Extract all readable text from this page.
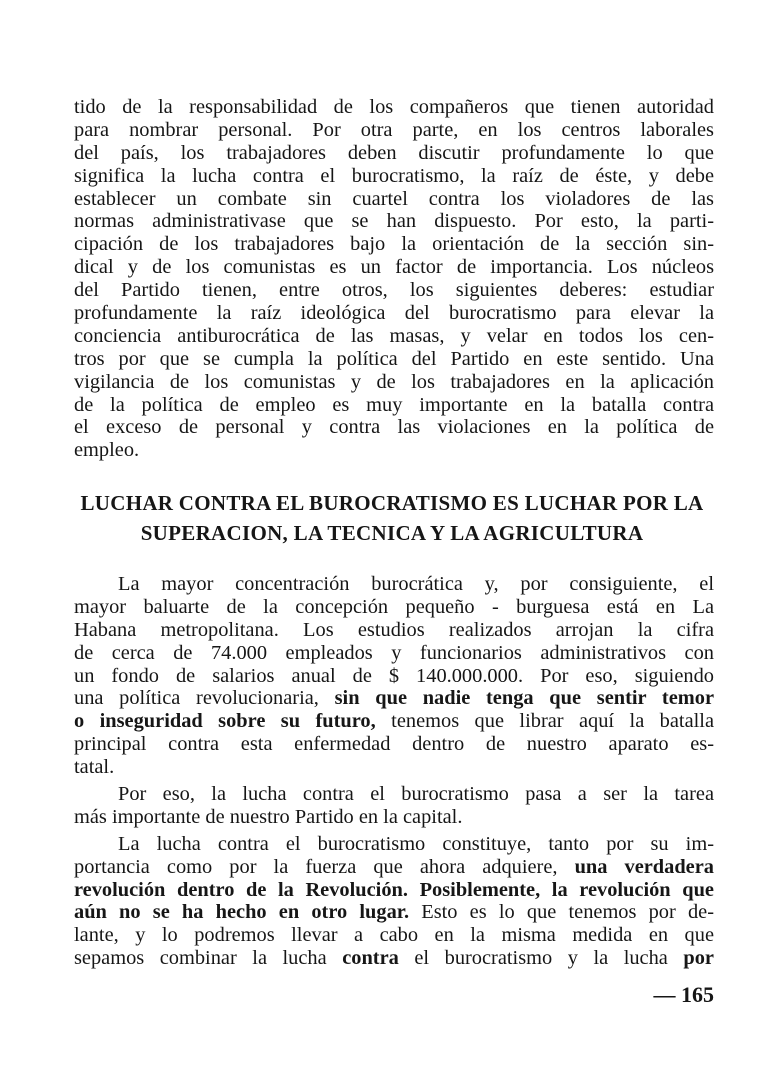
tido de la responsabilidad de los compañeros que tienen autoridad
para nombrar personal. Por otra parte, en los centros laborales
del país, los trabajadores deben discutir profundamente lo que
significa la lucha contra el burocratismo, la raíz de éste, y debe
establecer un combate sin cuartel contra los violadores de las
normas administrativase que se han dispuesto. Por esto, la parti-
cipación de los trabajadores bajo la orientación de la sección sin-
dical y de los comunistas es un factor de importancia. Los núcleos
del Partido tienen, entre otros, los siguientes deberes: estudiar
profundamente la raíz ideológica del burocratismo para elevar la
conciencia antiburocrática de las masas, y velar en todos los cen-
tros por que se cumpla la política del Partido en este sentido. Una
vigilancia de los comunistas y de los trabajadores en la aplicación
de la política de empleo es muy importante en la batalla contra
el exceso de personal y contra las violaciones en la política de
empleo.
LUCHAR CONTRA EL BUROCRATISMO ES LUCHAR POR LA
SUPERACION, LA TECNICA Y LA AGRICULTURA
La mayor concentración burocrática y, por consiguiente, el
mayor baluarte de la concepción pequeño - burguesa está en La
Habana metropolitana. Los estudios realizados arrojan la cifra
de cerca de 74.000 empleados y funcionarios administrativos con
un fondo de salarios anual de $ 140.000.000. Por eso, siguiendo
una política revolucionaria, sin que nadie tenga que sentir temor
o inseguridad sobre su futuro, tenemos que librar aquí la batalla
principal contra esta enfermedad dentro de nuestro aparato es-
tatal.
Por eso, la lucha contra el burocratismo pasa a ser la tarea
más importante de nuestro Partido en la capital.
La lucha contra el burocratismo constituye, tanto por su im-
portancia como por la fuerza que ahora adquiere, una verdadera
revolución dentro de la Revolución. Posiblemente, la revolución que
aún no se ha hecho en otro lugar. Esto es lo que tenemos por de-
lante, y lo podremos llevar a cabo en la misma medida en que
sepamos combinar la lucha contra el burocratismo y la lucha por
— 165
